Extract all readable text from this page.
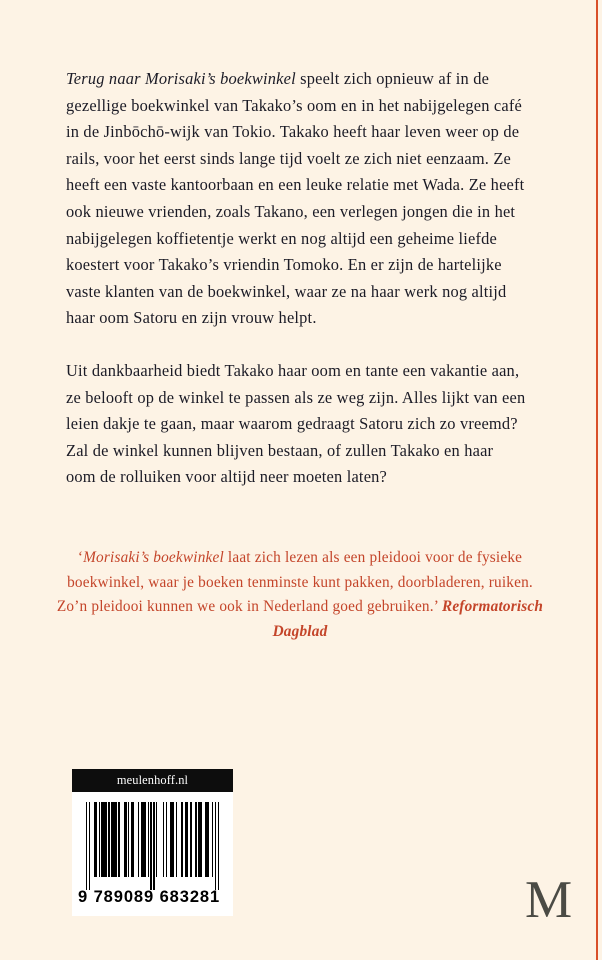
Terug naar Morisaki’s boekwinkel speelt zich opnieuw af in de gezellige boekwinkel van Takako’s oom en in het nabijgelegen café in de Jinbōchō-wijk van Tokio. Takako heeft haar leven weer op de rails, voor het eerst sinds lange tijd voelt ze zich niet eenzaam. Ze heeft een vaste kantoorbaan en een leuke relatie met Wada. Ze heeft ook nieuwe vrienden, zoals Takano, een verlegen jongen die in het nabijgelegen koffietentje werkt en nog altijd een geheime liefde koestert voor Takako’s vriendin Tomoko. En er zijn de hartelijke vaste klanten van de boekwinkel, waar ze na haar werk nog altijd haar oom Satoru en zijn vrouw helpt.

Uit dankbaarheid biedt Takako haar oom en tante een vakantie aan, ze belooft op de winkel te passen als ze weg zijn. Alles lijkt van een leien dakje te gaan, maar waarom gedraagt Satoru zich zo vreemd? Zal de winkel kunnen blijven bestaan, of zullen Takako en haar oom de rolluiken voor altijd neer moeten laten?

‘Morisaki’s boekwinkel laat zich lezen als een pleidooi voor de fysieke boekwinkel, waar je boeken tenminste kunt pakken, doorbladeren, ruiken. Zo’n pleidooi kunnen we ook in Nederland goed gebruiken.’ Reformatorisch Dagblad
meulenhoff.nl
9 789089 683281	M
